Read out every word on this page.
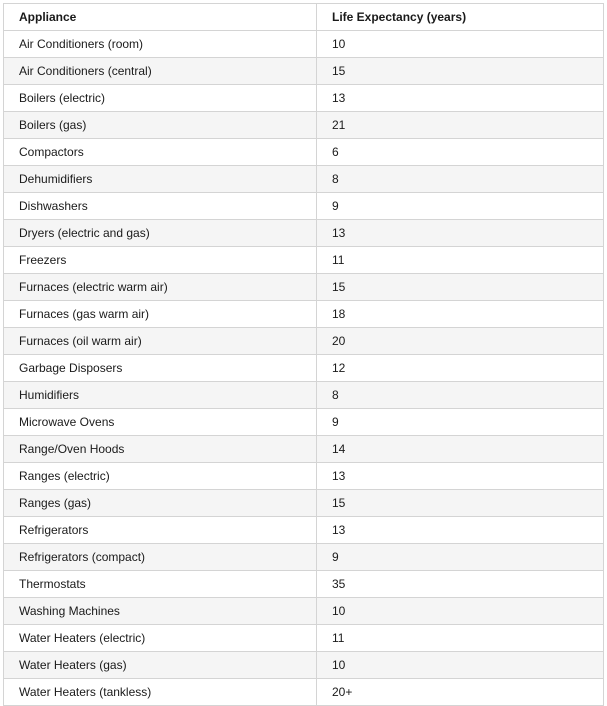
Appliance	Life Expectancy (years)
Air Conditioners (room)	10
Air Conditioners (central)	15
Boilers (electric)	13
Boilers (gas)	21
Compactors	6
Dehumidifiers	8
Dishwashers	9
Dryers (electric and gas)	13
Freezers	11
Furnaces (electric warm air)	15
Furnaces (gas warm air)	18
Furnaces (oil warm air)	20
Garbage Disposers	12
Humidifiers	8
Microwave Ovens	9
Range/Oven Hoods	14
Ranges (electric)	13
Ranges (gas)	15
Refrigerators	13
Refrigerators (compact)	9
Thermostats	35
Washing Machines	10
Water Heaters (electric)	11
Water Heaters (gas)	10
Water Heaters (tankless)	20+
